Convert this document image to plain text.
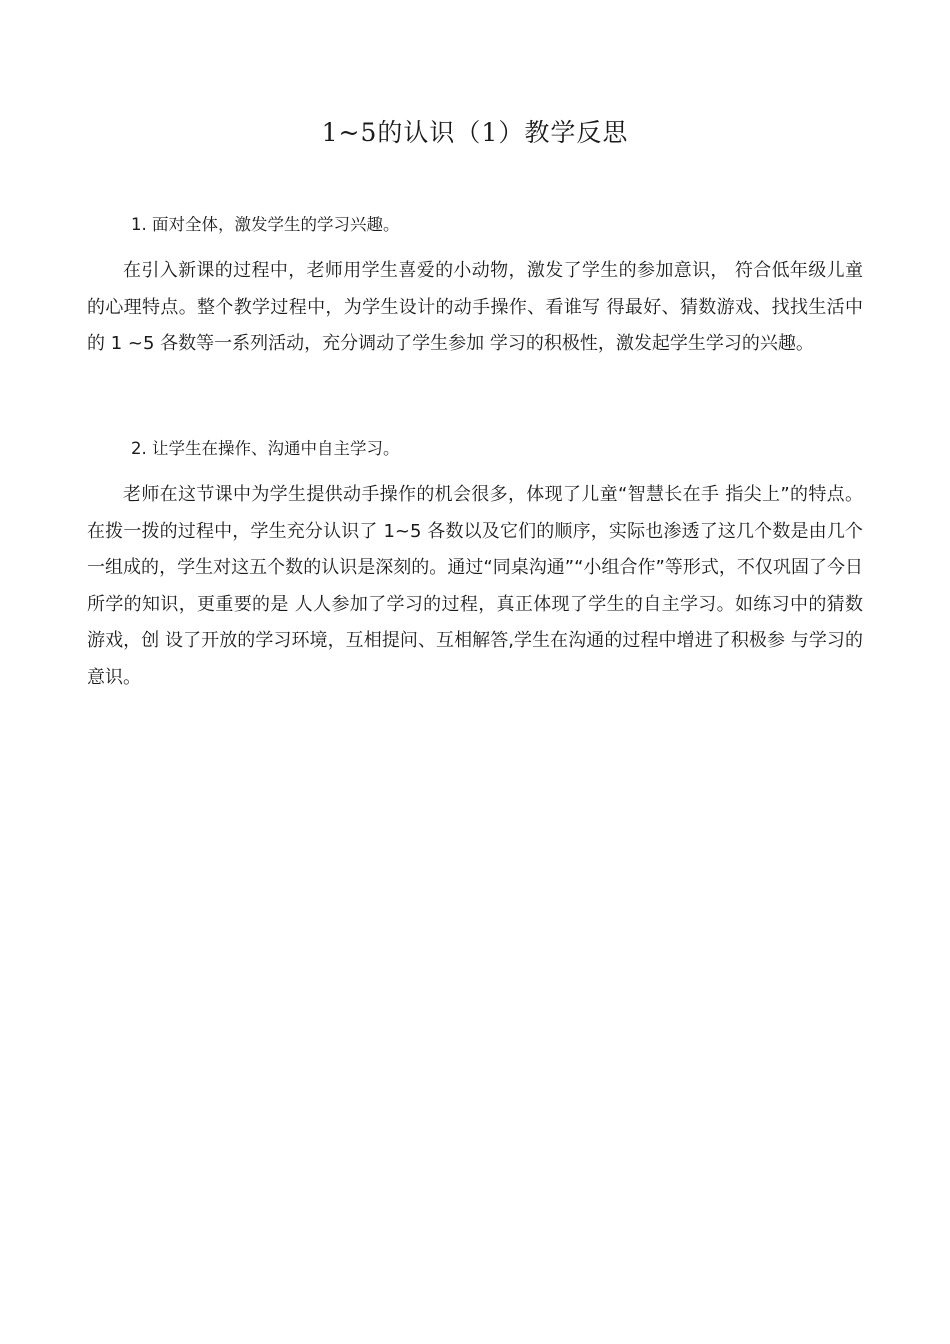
1~5的认识（1）教学反思
1. 面对全体，激发学生的学习兴趣。
在引入新课的过程中，老师用学生喜爱的小动物，激发了学生的参加意识， 符合低年级儿童的心理特点。整个教学过程中，为学生设计的动手操作、看谁写 得最好、猜数游戏、找找生活中的 1 ~5 各数等一系列活动，充分调动了学生参加 学习的积极性，激发起学生学习的兴趣。
2. 让学生在操作、沟通中自主学习。
老师在这节课中为学生提供动手操作的机会很多，体现了儿童“智慧长在手 指尖上”的特点。在拨一拨的过程中，学生充分认识了 1~5 各数以及它们的顺序，实际也渗透了这几个数是由几个一组成的，学生对这五个数的认识是深刻的。通过“同桌沟通”“小组合作”等形式，不仅巩固了今日所学的知识，更重要的是 人人参加了学习的过程，真正体现了学生的自主学习。如练习中的猜数游戏，创 设了开放的学习环境，互相提问、互相解答,学生在沟通的过程中增进了积极参 与学习的意识。
